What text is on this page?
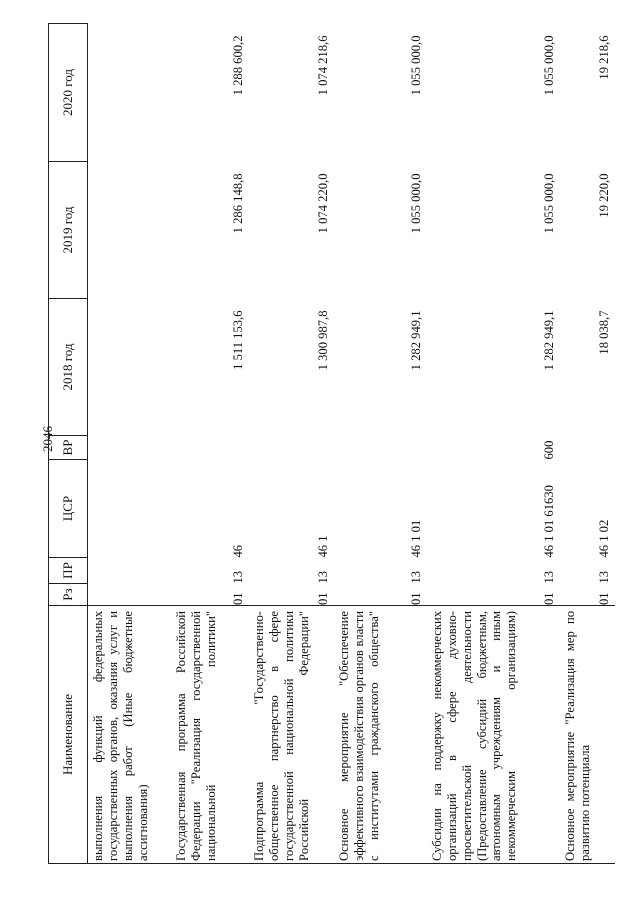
2046
Наименование	Рз	ПР	ЦСР	ВР	2018 год	2019 год	2020 год
выполнения функций федеральных государственных органов, оказания услуг и выполнения работ (Иные бюджетные ассигнования)							
Государственная программа Российской Федерации "Реализация государственной национальной политики"	01	13	46		1 511 153,6	1 286 148,8	1 288 600,2
Подпрограмма "Государственно-общественное партнерство в сфере государственной национальной политики Российской Федерации"	01	13	46 1		1 300 987,8	1 074 220,0	1 074 218,6
Основное мероприятие "Обеспечение эффективного взаимодействия органов власти с институтами гражданского общества"	01	13	46 1 01		1 282 949,1	1 055 000,0	1 055 000,0
Субсидии на поддержку некоммерческих организаций в сфере духовно-просветительской деятельности (Предоставление субсидий бюджетным, автономным учреждениям и иным некоммерческим организациям)	01	13	46 1 01 61630	600	1 282 949,1	1 055 000,0	1 055 000,0
Основное мероприятие "Реализация мер по развитию потенциала	01	13	46 1 02		18 038,7	19 220,0	19 218,6
